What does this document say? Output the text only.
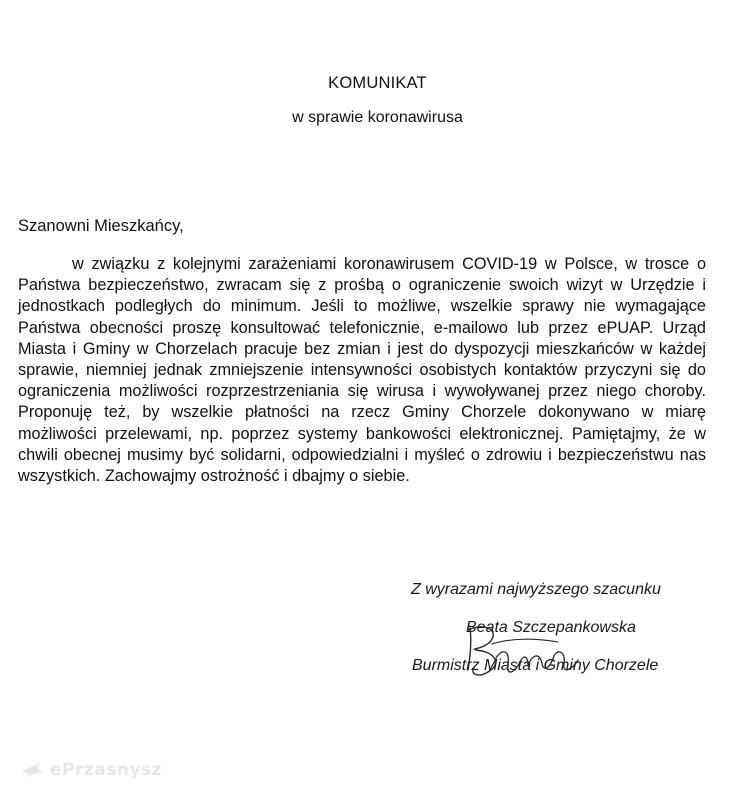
KOMUNIKAT
w sprawie koronawirusa
Szanowni Mieszkańcy,
w związku z kolejnymi zarażeniami koronawirusem COVID-19 w Polsce, w trosce o Państwa bezpieczeństwo, zwracam się z prośbą o ograniczenie swoich wizyt w Urzędzie i jednostkach podległych do minimum. Jeśli to możliwe, wszelkie sprawy nie wymagające Państwa obecności proszę konsultować telefonicznie, e-mailowo lub przez ePUAP. Urząd Miasta i Gminy w Chorzelach pracuje bez zmian i jest do dyspozycji mieszkańców w każdej sprawie, niemniej jednak zmniejszenie intensywności osobistych kontaktów przyczyni się do ograniczenia możliwości rozprzestrzeniania się wirusa i wywoływanej przez niego choroby. Proponuję też, by wszelkie płatności na rzecz Gminy Chorzele dokonywano w miarę możliwości przelewami, np. poprzez systemy bankowości elektronicznej. Pamiętajmy, że w chwili obecnej musimy być solidarni, odpowiedzialni i myśleć o zdrowiu i bezpieczeństwu nas wszystkich. Zachowajmy ostrożność i dbajmy o siebie.
Z wyrazami najwyższego szacunku
Beata Szczepankowska
Burmistrz Miasta i Gminy Chorzele
ePrzasnysz
